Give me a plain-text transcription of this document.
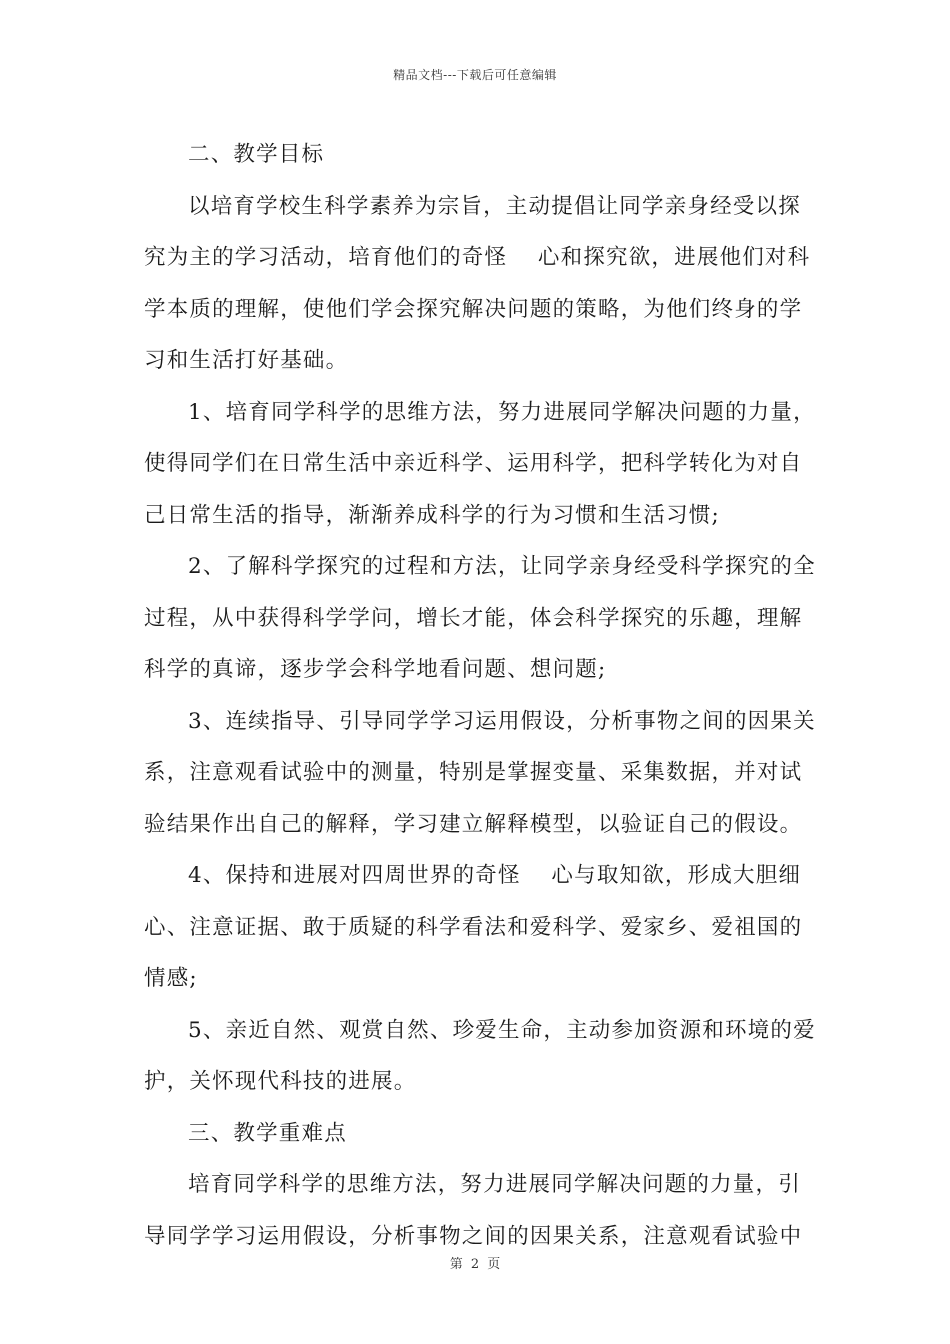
精品文档---下载后可任意编辑
二、教学目标
以培育学校生科学素养为宗旨，主动提倡让同学亲身经受以探
究为主的学习活动，培育他们的奇怪　 心和探究欲，进展他们对科
学本质的理解，使他们学会探究解决问题的策略，为他们终身的学
习和生活打好基础。
1、培育同学科学的思维方法，努力进展同学解决问题的力量，
使得同学们在日常生活中亲近科学、运用科学，把科学转化为对自
己日常生活的指导，渐渐养成科学的行为习惯和生活习惯;
2、了解科学探究的过程和方法，让同学亲身经受科学探究的全
过程，从中获得科学学问，增长才能，体会科学探究的乐趣，理解
科学的真谛，逐步学会科学地看问题、想问题;
3、连续指导、引导同学学习运用假设，分析事物之间的因果关
系，注意观看试验中的测量，特别是掌握变量、采集数据，并对试
验结果作出自己的解释，学习建立解释模型，以验证自己的假设。
4、保持和进展对四周世界的奇怪　 心与取知欲，形成大胆细
心、注意证据、敢于质疑的科学看法和爱科学、爱家乡、爱祖国的
情感;
5、亲近自然、观赏自然、珍爱生命，主动参加资源和环境的爱
护，关怀现代科技的进展。
三、教学重难点
培育同学科学的思维方法，努力进展同学解决问题的力量，引
导同学学习运用假设，分析事物之间的因果关系，注意观看试验中
第 2 页
